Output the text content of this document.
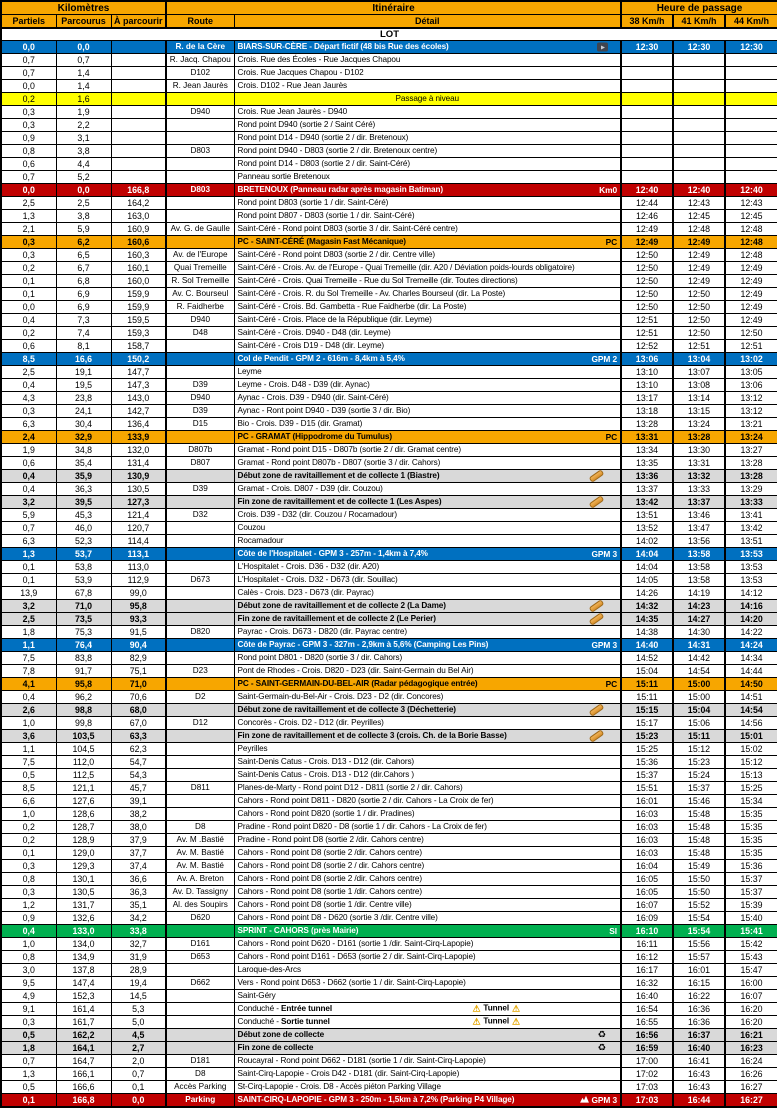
Kilomètres			Itinéraire		Heure de passage		
Partiels	Parcourus	À parcourir	Route	Détail	38 Km/h	41 Km/h	44 Km/h
LOT							
0,0	0,0		R. de la Cère	BIARS-SUR-CÈRE - Départ fictif (48 bis Rue des écoles)	12:30	12:30	12:30
0,7	0,7		R. Jacq. Chapou	Crois. Rue des Écoles - Rue Jacques Chapou			
0,7	1,4		D102	Crois. Rue Jacques Chapou - D102			
0,0	1,4		R. Jean Jaurès	Crois. D102 - Rue Jean Jaurès			
0,2	1,6			Passage à niveau			
0,3	1,9		D940	Crois. Rue Jean Jaurès - D940			
0,3	2,2			Rond point D940 (sortie 2 / Saint Céré)			
0,9	3,1			Rond point D14 - D940 (sortie 2 / dir. Bretenoux)			
0,8	3,8		D803	Rond point D940 - D803 (sortie 2 / dir. Bretenoux centre)			
0,6	4,4			Rond point D14 - D803 (sortie 2 / dir. Saint-Céré)			
0,7	5,2			Panneau sortie Bretenoux			
0,0	0,0	166,8	D803	BRETENOUX (Panneau radar après magasin Batiman) Km0	12:40	12:40	12:40
2,5	2,5	164,2		Rond point D803 (sortie 1 / dir. Saint-Céré)	12:44	12:43	12:43
1,3	3,8	163,0		Rond point D807 - D803 (sortie 1 / dir. Saint-Céré)	12:46	12:45	12:45
2,1	5,9	160,9	Av. G. de Gaulle	Saint-Céré - Rond point D803 (sortie 3 / dir. Saint-Céré centre)	12:49	12:48	12:48
0,3	6,2	160,6		PC - SAINT-CÉRÉ (Magasin Fast Mécanique) PC	12:49	12:49	12:48
0,3	6,5	160,3	Av. de l'Europe	Saint-Céré - Rond point D803 (sortie 2 / dir. Centre ville)	12:50	12:49	12:48
0,2	6,7	160,1	Quai Tremeille	Saint-Céré - Crois. Av. de l'Europe - Quai Tremeille (dir. A20 / Déviation poids-lourds obligatoire)	12:50	12:49	12:49
0,1	6,8	160,0	R. Sol Tremeille	Saint-Céré - Crois. Quai Tremeille - Rue du Sol Tremeille (dir. Toutes directions)	12:50	12:49	12:49
0,1	6,9	159,9	Av. C. Bourseul	Saint-Céré - Crois. R. du Sol Tremeille - Av. Charles Bourseul (dir. La Poste)	12:50	12:50	12:49
0,0	6,9	159,9	R. Faidherbe	Saint-Céré - Crois. Bd. Gambetta - Rue Faidherbe (dir. La Poste)	12:50	12:50	12:49
0,4	7,3	159,5	D940	Saint-Céré - Crois. Place de la République (dir. Leyme)	12:51	12:50	12:49
0,2	7,4	159,3	D48	Saint-Céré - Crois. D940 - D48 (dir. Leyme)	12:51	12:50	12:50
0,6	8,1	158,7		Saint-Céré - Crois D19 - D48 (dir. Leyme)	12:52	12:51	12:51
8,5	16,6	150,2		Col de Pendit - GPM 2 - 616m - 8,4km à 5,4% GPM 2	13:06	13:04	13:02
2,5	19,1	147,7		Leyme	13:10	13:07	13:05
0,4	19,5	147,3	D39	Leyme - Crois. D48 - D39 (dir. Aynac)	13:10	13:08	13:06
4,3	23,8	143,0	D940	Aynac - Crois. D39 - D940 (dir. Saint-Céré)	13:17	13:14	13:12
0,3	24,1	142,7	D39	Aynac - Ront point D940 - D39 (sortie 3 / dir. Bio)	13:18	13:15	13:12
6,3	30,4	136,4	D15	Bio - Crois. D39 - D15 (dir. Gramat)	13:28	13:24	13:21
2,4	32,9	133,9		PC - GRAMAT (Hippodrome du Tumulus) PC	13:31	13:28	13:24
1,9	34,8	132,0	D807b	Gramat - Rond point D15 - D807b (sortie 2 / dir. Gramat centre)	13:34	13:30	13:27
0,6	35,4	131,4	D807	Gramat - Rond point D807b - D807 (sortie 3 / dir. Cahors)	13:35	13:31	13:28
0,4	35,9	130,9		Début zone de ravitaillement et de collecte 1 (Biastre)	13:36	13:32	13:28
0,4	36,3	130,5	D39	Gramat - Crois. D807 - D39 (dir. Couzou)	13:37	13:33	13:29
3,2	39,5	127,3		Fin zone de ravitaillement et de collecte 1 (Les Aspes)	13:42	13:37	13:33
5,9	45,3	121,4	D32	Crois. D39 - D32 (dir. Couzou / Rocamadour)	13:51	13:46	13:41
0,7	46,0	120,7		Couzou	13:52	13:47	13:42
6,3	52,3	114,4		Rocamadour	14:02	13:56	13:51
1,3	53,7	113,1		Côte de l'Hospitalet - GPM 3 - 257m - 1,4km à 7,4% GPM 3	14:04	13:58	13:53
0,1	53,8	113,0		L'Hospitalet - Crois. D36 - D32 (dir. A20)	14:04	13:58	13:53
0,1	53,9	112,9	D673	L'Hospitalet - Crois. D32 - D673 (dir. Souillac)	14:05	13:58	13:53
13,9	67,8	99,0		Calès - Crois. D23 - D673 (dir. Payrac)	14:26	14:19	14:12
3,2	71,0	95,8		Début zone de ravitaillement et de collecte 2 (La Dame)	14:32	14:23	14:16
2,5	73,5	93,3		Fin zone de ravitaillement et de collecte 2 (Le Perier)	14:35	14:27	14:20
1,8	75,3	91,5	D820	Payrac - Crois. D673 - D820 (dir. Payrac centre)	14:38	14:30	14:22
1,1	76,4	90,4		Côte de Payrac - GPM 3 - 327m - 2,9km à 5,6% (Camping Les Pins) GPM 3	14:40	14:31	14:24
7,5	83,8	82,9		Rond point D801 - D820 (sortie 3 / dir. Cahors)	14:52	14:42	14:34
7,8	91,7	75,1	D23	Pont de Rhodes - Crois. D820 - D23 (dir. Saint-Germain du Bel Air)	15:04	14:54	14:44
4,1	95,8	71,0		PC - SAINT-GERMAIN-DU-BEL-AIR (Radar pédagogique entrée) PC	15:11	15:00	14:50
0,4	96,2	70,6	D2	Saint-Germain-du-Bel-Air - Crois. D23 - D2 (dir. Concores)	15:11	15:00	14:51
2,6	98,8	68,0		Début zone de ravitaillement et de collecte 3 (Déchetterie)	15:15	15:04	14:54
1,0	99,8	67,0	D12	Concorès - Crois. D2 - D12 (dir. Peyrilles)	15:17	15:06	14:56
3,6	103,5	63,3		Fin zone de ravitaillement et de collecte 3 (crois. Ch. de la Borie Basse)	15:23	15:11	15:01
1,1	104,5	62,3		Peyrilles	15:25	15:12	15:02
7,5	112,0	54,7		Saint-Denis Catus - Crois. D13 - D12 (dir. Cahors)	15:36	15:23	15:12
0,5	112,5	54,3		Saint-Denis Catus - Crois. D13 - D12 (dir.Cahors )	15:37	15:24	15:13
8,5	121,1	45,7	D811	Planes-de-Marty - Rond point D12 - D811 (sortie 2 / dir. Cahors)	15:51	15:37	15:25
6,6	127,6	39,1		Cahors - Rond point D811 - D820 (sortie 2 / dir. Cahors - La Croix de fer)	16:01	15:46	15:34
1,0	128,6	38,2		Cahors - Rond point D820 (sortie 1 / dir. Pradines)	16:03	15:48	15:35
0,2	128,7	38,0	D8	Pradine - Rond point D820 - D8 (sortie 1 / dir. Cahors - La Croix de fer)	16:03	15:48	15:35
0,2	128,9	37,9	Av. M .Bastié	Pradine - Rond point D8 (sortie 2 /dir. Cahors centre)	16:03	15:48	15:35
0,1	129,0	37,7	Av. M. Bastié	Cahors - Rond point D8 (sortie 2 /dir. Cahors centre)	16:03	15:48	15:35
0,3	129,3	37,4	Av. M. Bastié	Cahors - Rond point D8 (sortie 2 / dir. Cahors centre)	16:04	15:49	15:36
0,8	130,1	36,6	Av. A. Breton	Cahors - Rond point D8 (sortie 2 /dir. Cahors centre)	16:05	15:50	15:37
0,3	130,5	36,3	Av. D. Tassigny	Cahors - Rond point D8 (sortie 1 /dir. Cahors centre)	16:05	15:50	15:37
1,2	131,7	35,1	Al. des Soupirs	Cahors - Rond point D8 (sortie 1 /dir. Centre ville)	16:07	15:52	15:39
0,9	132,6	34,2	D620	Cahors - Rond point D8 - D620 (sortie 3 /dir. Centre ville)	16:09	15:54	15:40
0,4	133,0	33,8		SPRINT - CAHORS (près Mairie) SI	16:10	15:54	15:41
1,0	134,0	32,7	D161	Cahors - Rond point D620 - D161 (sortie 1 /dir. Saint-Cirq-Lapopie)	16:11	15:56	15:42
0,8	134,9	31,9	D653	Cahors - Rond point D161 - D653 (sortie 2 / dir. Saint-Cirq-Lapopie)	16:12	15:57	15:43
3,0	137,8	28,9		Laroque-des-Arcs	16:17	16:01	15:47
9,5	147,4	19,4	D662	Vers - Rond point D653 - D662 (sortie 1 / dir. Saint-Cirq-Lapopie)	16:32	16:15	16:00
4,9	152,3	14,5		Saint-Géry	16:40	16:22	16:07
9,1	161,4	5,3		Conduché - Entrée tunnel ⚠ Tunnel ⚠	16:54	16:36	16:20
0,3	161,7	5,0		Conduché - Sortie tunnel ⚠ Tunnel ⚠	16:55	16:36	16:20
0,5	162,2	4,5		Début zone de collecte ♻	16:56	16:37	16:21
1,8	164,1	2,7		Fin zone de collecte ♻	16:59	16:40	16:23
0,7	164,7	2,0	D181	Roucayral - Rond point D662 - D181 (sortie 1 / dir. Saint-Cirq-Lapopie)	17:00	16:41	16:24
1,3	166,1	0,7	D8	Saint-Cirq-Lapopie - Crois D42 - D181 (dir. Saint-Cirq-Lapopie)	17:02	16:43	16:26
0,5	166,6	0,1	Accès Parking	St-Cirq-Lapopie - Crois. D8 - Accès piéton Parking Village	17:03	16:43	16:27
0,1	166,8	0,0	Parking	SAINT-CIRQ-LAPOPIE - GPM 3 - 250m - 1,5km à 7,2% (Parking P4 Village) GPM 3	17:03	16:44	16:27
